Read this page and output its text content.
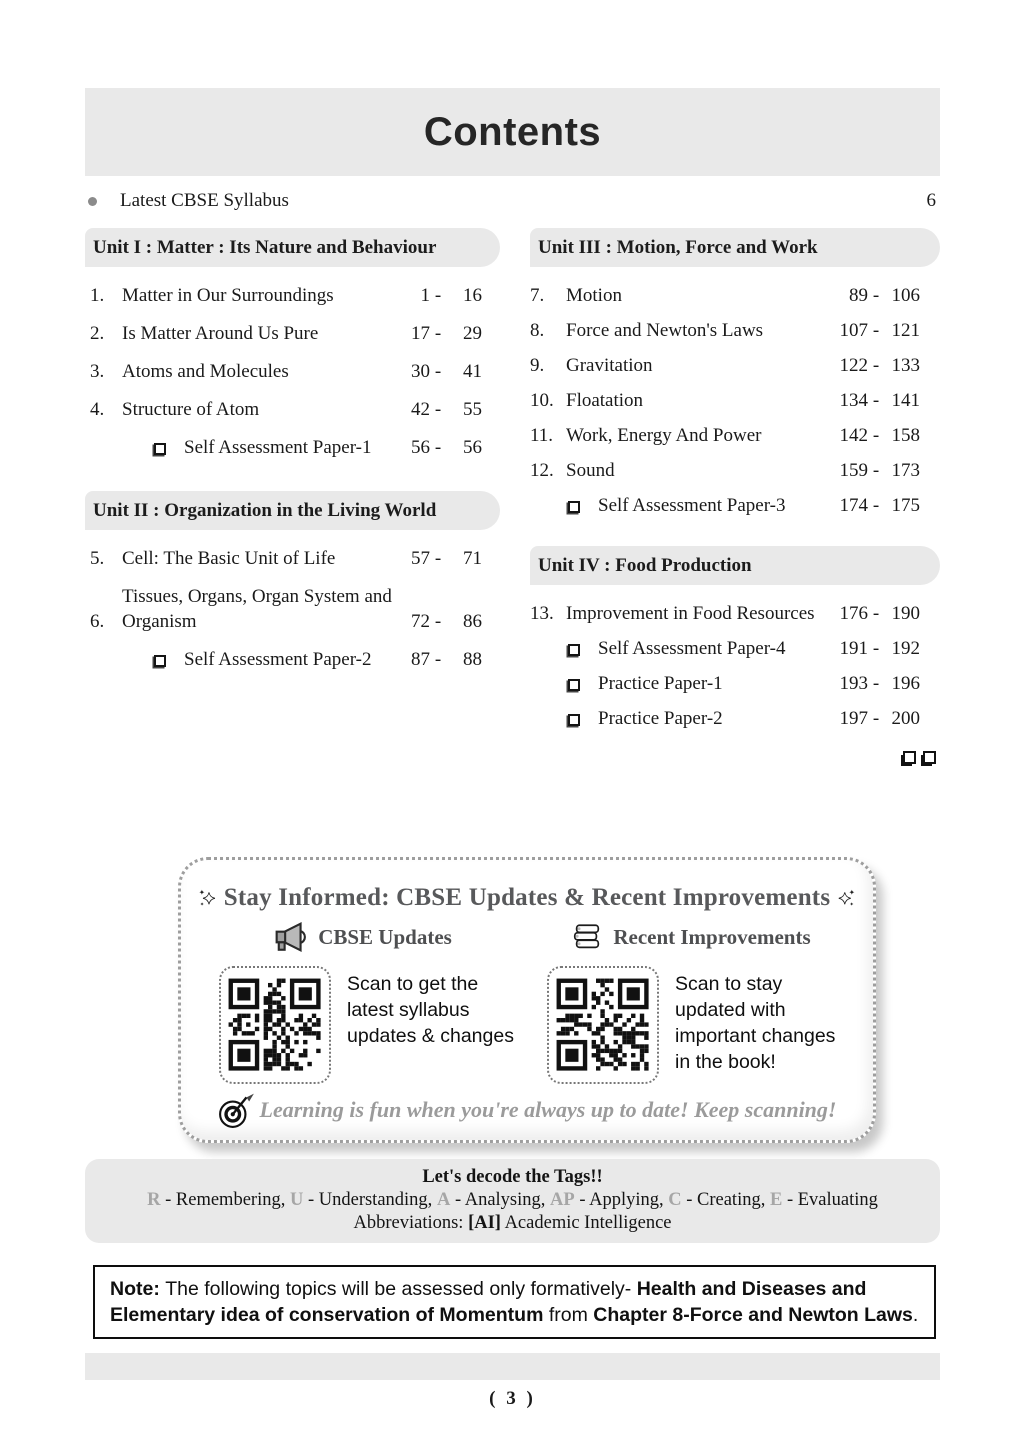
Contents
Latest CBSE Syllabus	6
Unit I : Matter : Its Nature and Behaviour
1. Matter in Our Surroundings	1 -	16
2. Is Matter Around Us Pure	17 -	29
3. Atoms and Molecules	30 -	41
4. Structure of Atom	42 -	55
Self Assessment Paper-1	56 -	56
Unit II : Organization in the Living World
5. Cell: The Basic Unit of Life	57 -	71
6.
Tissues, Organs, Organ System and Organism	72 -	86
Self Assessment Paper-2	87 -	88
Unit III : Motion, Force and Work
7.	Motion	89 - 106
8.	Force and Newton's Laws	107 - 121
9.	Gravitation	122 - 133
10. Floatation	134 - 141
11. Work, Energy And Power	142 - 158
12. Sound	159 - 173
Self Assessment Paper-3	174 - 175
Unit IV : Food Production
13. Improvement in Food Resources	176 - 190
Self Assessment Paper-4	191 - 192
Practice Paper-1	193 - 196
Practice Paper-2	197 - 200
Stay Informed: CBSE Updates & Recent Improvements
CBSE Updates	Recent Improvements
Scan to get the latest syllabus updates & changes
Scan to stay updated with important changes in the book!
Learning is fun when you're always up to date! Keep scanning!
Let's decode the Tags!!
R - Remembering, U - Understanding, A - Analysing, AP - Applying, C - Creating, E - Evaluating
Abbreviations: [AI] Academic Intelligence
Note: The following topics will be assessed only formatively- Health and Diseases and Elementary idea of conservation of Momentum from Chapter 8-Force and Newton Laws.
( 3 )
